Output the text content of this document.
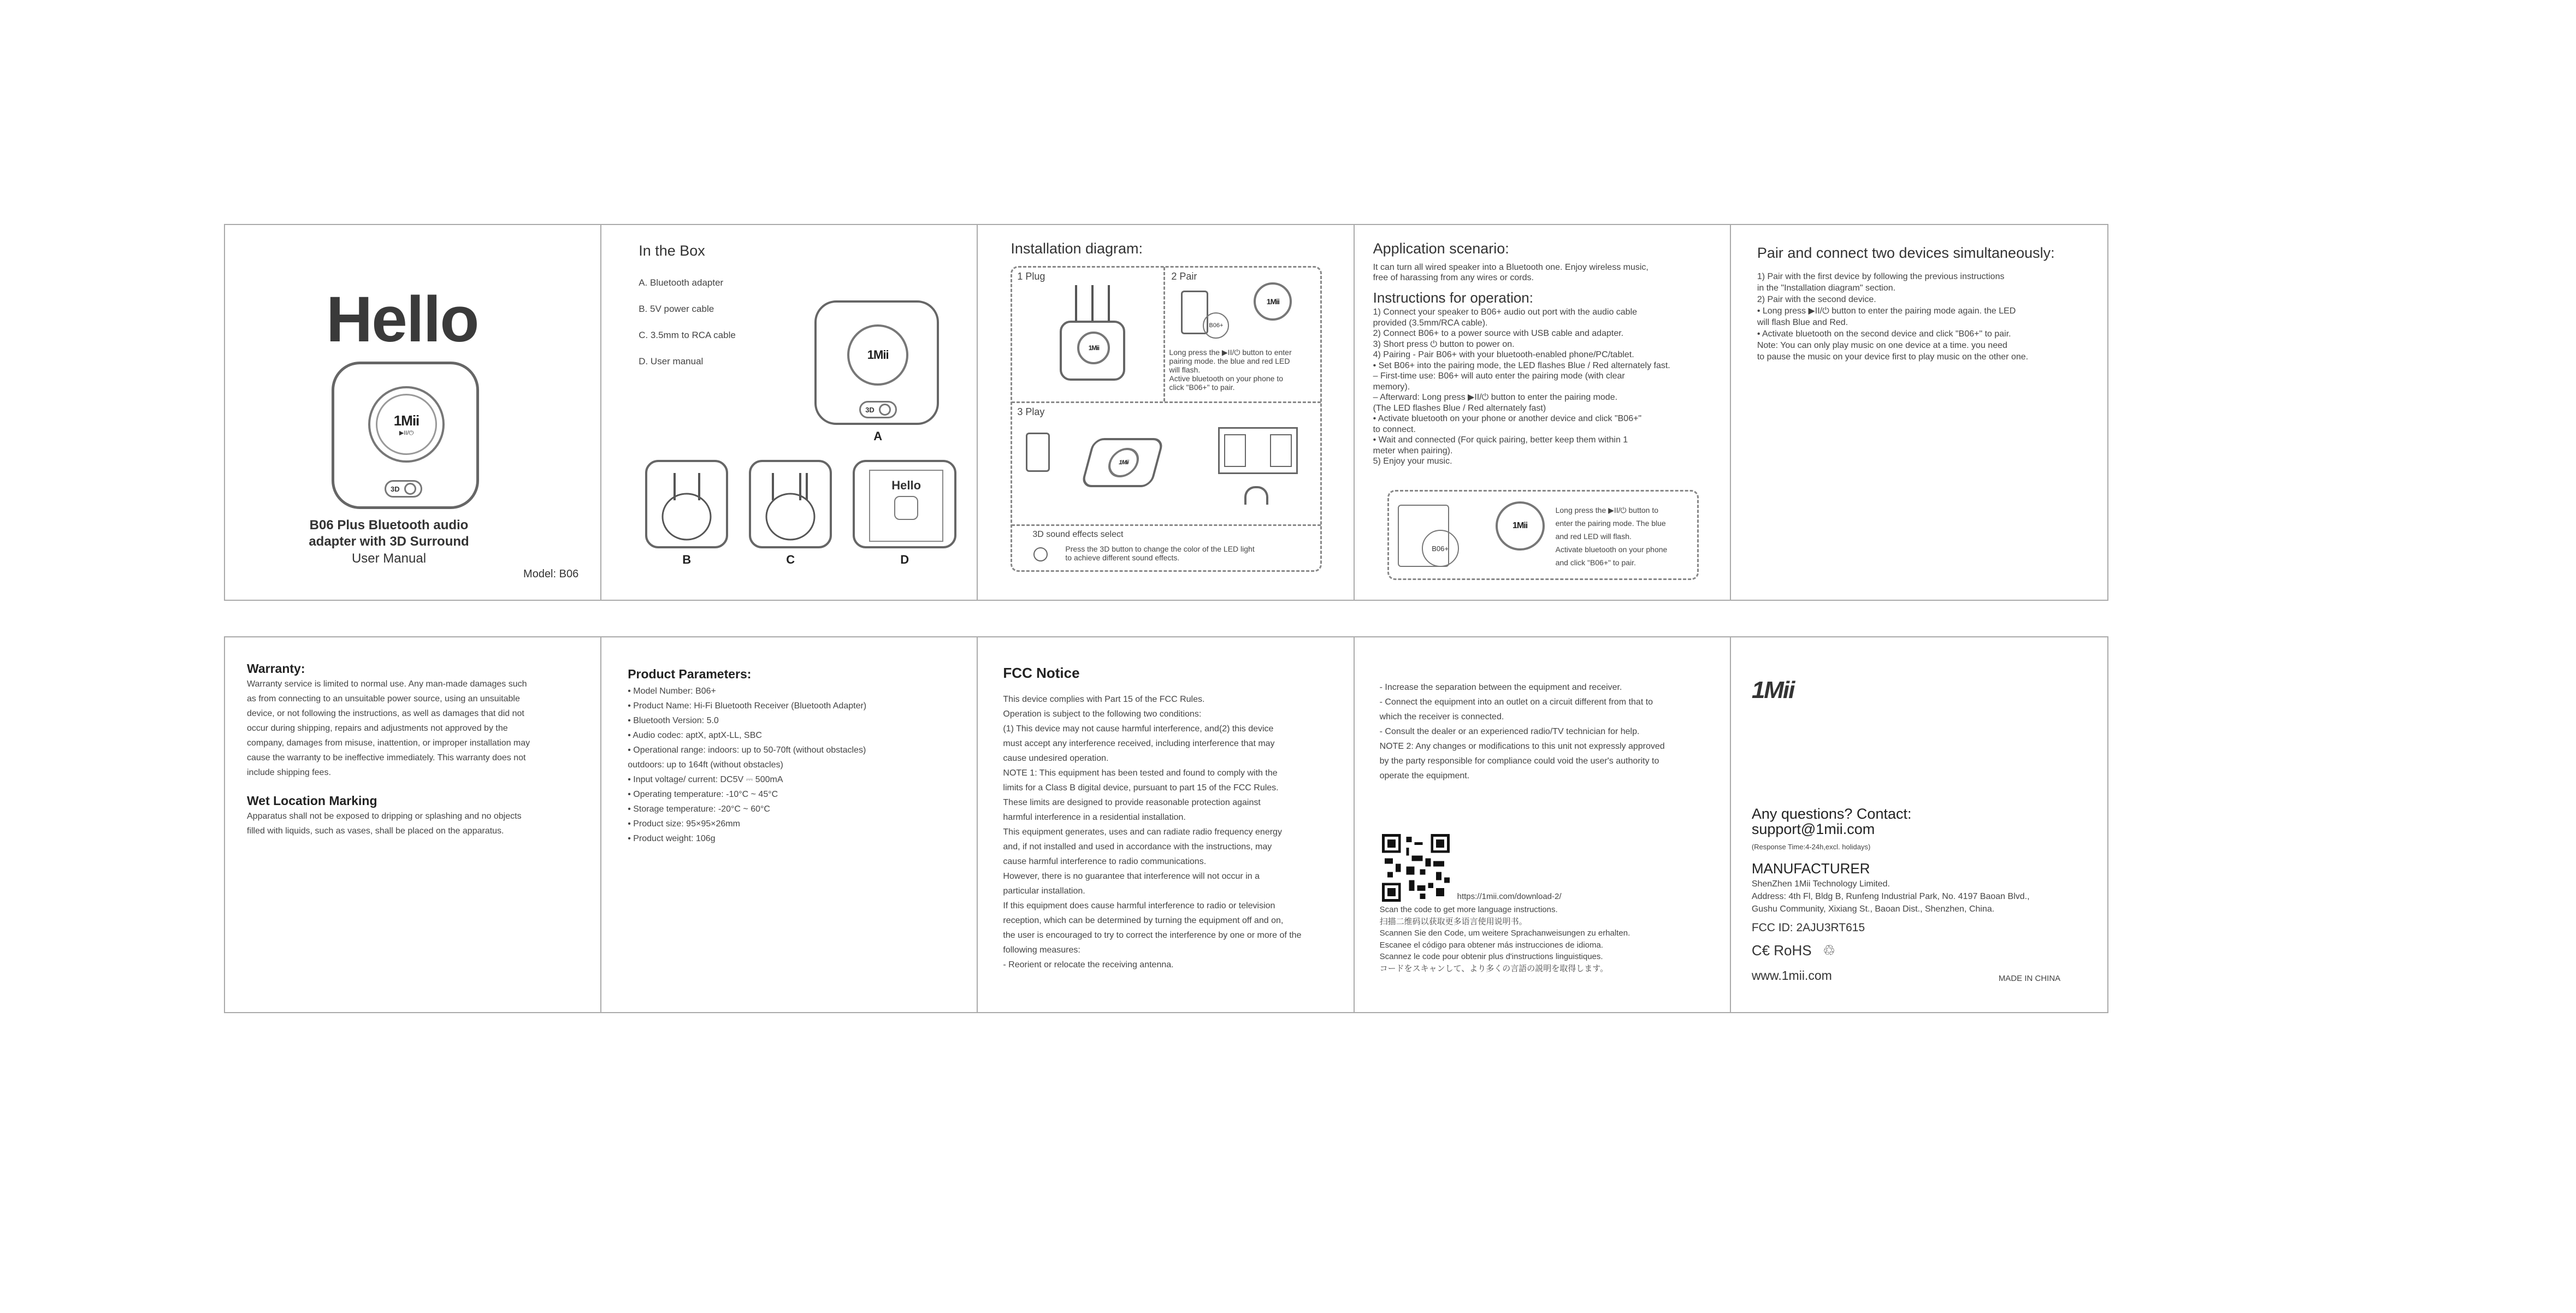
Hello
1Mii
▶II/⏻
3D
B06 Plus Bluetooth audio
adapter with 3D Surround
User Manual
Model: B06
In the Box

A. Bluetooth adapter

B. 5V power cable

C. 3.5mm to RCA cable

D. User manual	1Mii
3D
A
B	C
Hello
D
Installation diagram:
1 Plug
1Mii
2 Pair
1Mii
B06+
Long press the ▶II/⏻ button to enter
pairing mode. the blue and red LED
will flash.
Active bluetooth on your phone to
click "B06+" to pair.
3 Play
1Mii
3D sound effects select
Press the 3D button to change the color of the LED light
to achieve different sound effects.
Application scenario:
It can turn all wired speaker into a Bluetooth one. Enjoy wireless music,
free of harassing from any wires or cords.
Instructions for operation:
1) Connect your speaker to B06+ audio out port with the audio cable
provided (3.5mm/RCA cable).
2) Connect B06+ to a power source with USB cable and adapter.
3) Short press ⏻ button to power on.
4) Pairing - Pair B06+ with your bluetooth-enabled phone/PC/tablet.
• Set B06+ into the pairing mode, the LED flashes Blue / Red alternately fast.
– First-time use: B06+ will auto enter the pairing mode (with clear
memory).
– Afterward: Long press ▶II/⏻ button to enter the pairing mode.
(The LED flashes Blue / Red alternately fast)
• Activate bluetooth on your phone or another device and click "B06+"
to connect.
• Wait and connected (For quick pairing, better keep them within 1
meter when pairing).
5) Enjoy your music.
B06+
1Mii
Long press the ▶II/⏻ button to
enter the pairing mode. The blue
and red LED will flash.
Activate bluetooth on your phone
and click "B06+" to pair.
Pair and connect two devices simultaneously:
1) Pair with the first device by following the previous instructions
in the "Installation diagram" section.
2) Pair with the second device.
• Long press ▶II/⏻ button to enter the pairing mode again. the LED
will flash Blue and Red.
• Activate bluetooth on the second device and click "B06+" to pair.
Note: You can only play music on one device at a time. you need
to pause the music on your device first to play music on the other one.
Warranty:
Warranty service is limited to normal use. Any man-made damages such
as from connecting to an unsuitable power source, using an unsuitable
device, or not following the instructions, as well as damages that did not
occur during shipping, repairs and adjustments not approved by the
company, damages from misuse, inattention, or improper installation may
cause the warranty to be ineffective immediately. This warranty does not
include shipping fees.
Wet Location Marking
Apparatus shall not be exposed to dripping or splashing and no objects
filled with liquids, such as vases, shall be placed on the apparatus.
Product Parameters:
• Model Number: B06+
• Product Name: Hi-Fi Bluetooth Receiver (Bluetooth Adapter)
• Bluetooth Version: 5.0
• Audio codec: aptX, aptX-LL, SBC
• Operational range: indoors: up to 50-70ft (without obstacles)
outdoors: up to 164ft (without obstacles)
• Input voltage/ current: DC5V ⎓ 500mA
• Operating temperature: -10°C ~ 45°C
• Storage temperature: -20°C ~ 60°C
• Product size: 95×95×26mm
• Product weight: 106g
FCC Notice
This device complies with Part 15 of the FCC Rules.
Operation is subject to the following two conditions:
(1) This device may not cause harmful interference, and(2) this device
must accept any interference received, including interference that may
cause undesired operation.
NOTE 1: This equipment has been tested and found to comply with the
limits for a Class B digital device, pursuant to part 15 of the FCC Rules.
These limits are designed to provide reasonable protection against
harmful interference in a residential installation.
This equipment generates, uses and can radiate radio frequency energy
and, if not installed and used in accordance with the instructions, may
cause harmful interference to radio communications.
However, there is no guarantee that interference will not occur in a
particular installation.
If this equipment does cause harmful interference to radio or television
reception, which can be determined by turning the equipment off and on,
the user is encouraged to try to correct the interference by one or more of the
following measures:
- Reorient or relocate the receiving antenna.
- Increase the separation between the equipment and receiver.
- Connect the equipment into an outlet on a circuit different from that to
which the receiver is connected.
- Consult the dealer or an experienced radio/TV technician for help.
NOTE 2: Any changes or modifications to this unit not expressly approved
by the party responsible for compliance could void the user's authority to
operate the equipment.
https://1mii.com/download-2/
Scan the code to get more language instructions.
扫描二维码以获取更多语言使用说明书。
Scannen Sie den Code, um weitere Sprachanweisungen zu erhalten.
Escanee el código para obtener más instrucciones de idioma.
Scannez le code pour obtenir plus d'instructions linguistiques.
コードをスキャンして、より多くの言語の説明を取得します。
1Mii
Any questions? Contact:
support@1mii.com
(Response Time:4-24h,excl. holidays)
MANUFACTURER
ShenZhen 1Mii Technology Limited.
Address: 4th Fl, Bldg B, Runfeng Industrial Park, No. 4197 Baoan Blvd.,
Gushu Community, Xixiang St., Baoan Dist., Shenzhen, China.
FCC ID: 2AJU3RT615
C€ RoHS ♲
www.1mii.com	MADE IN CHINA
